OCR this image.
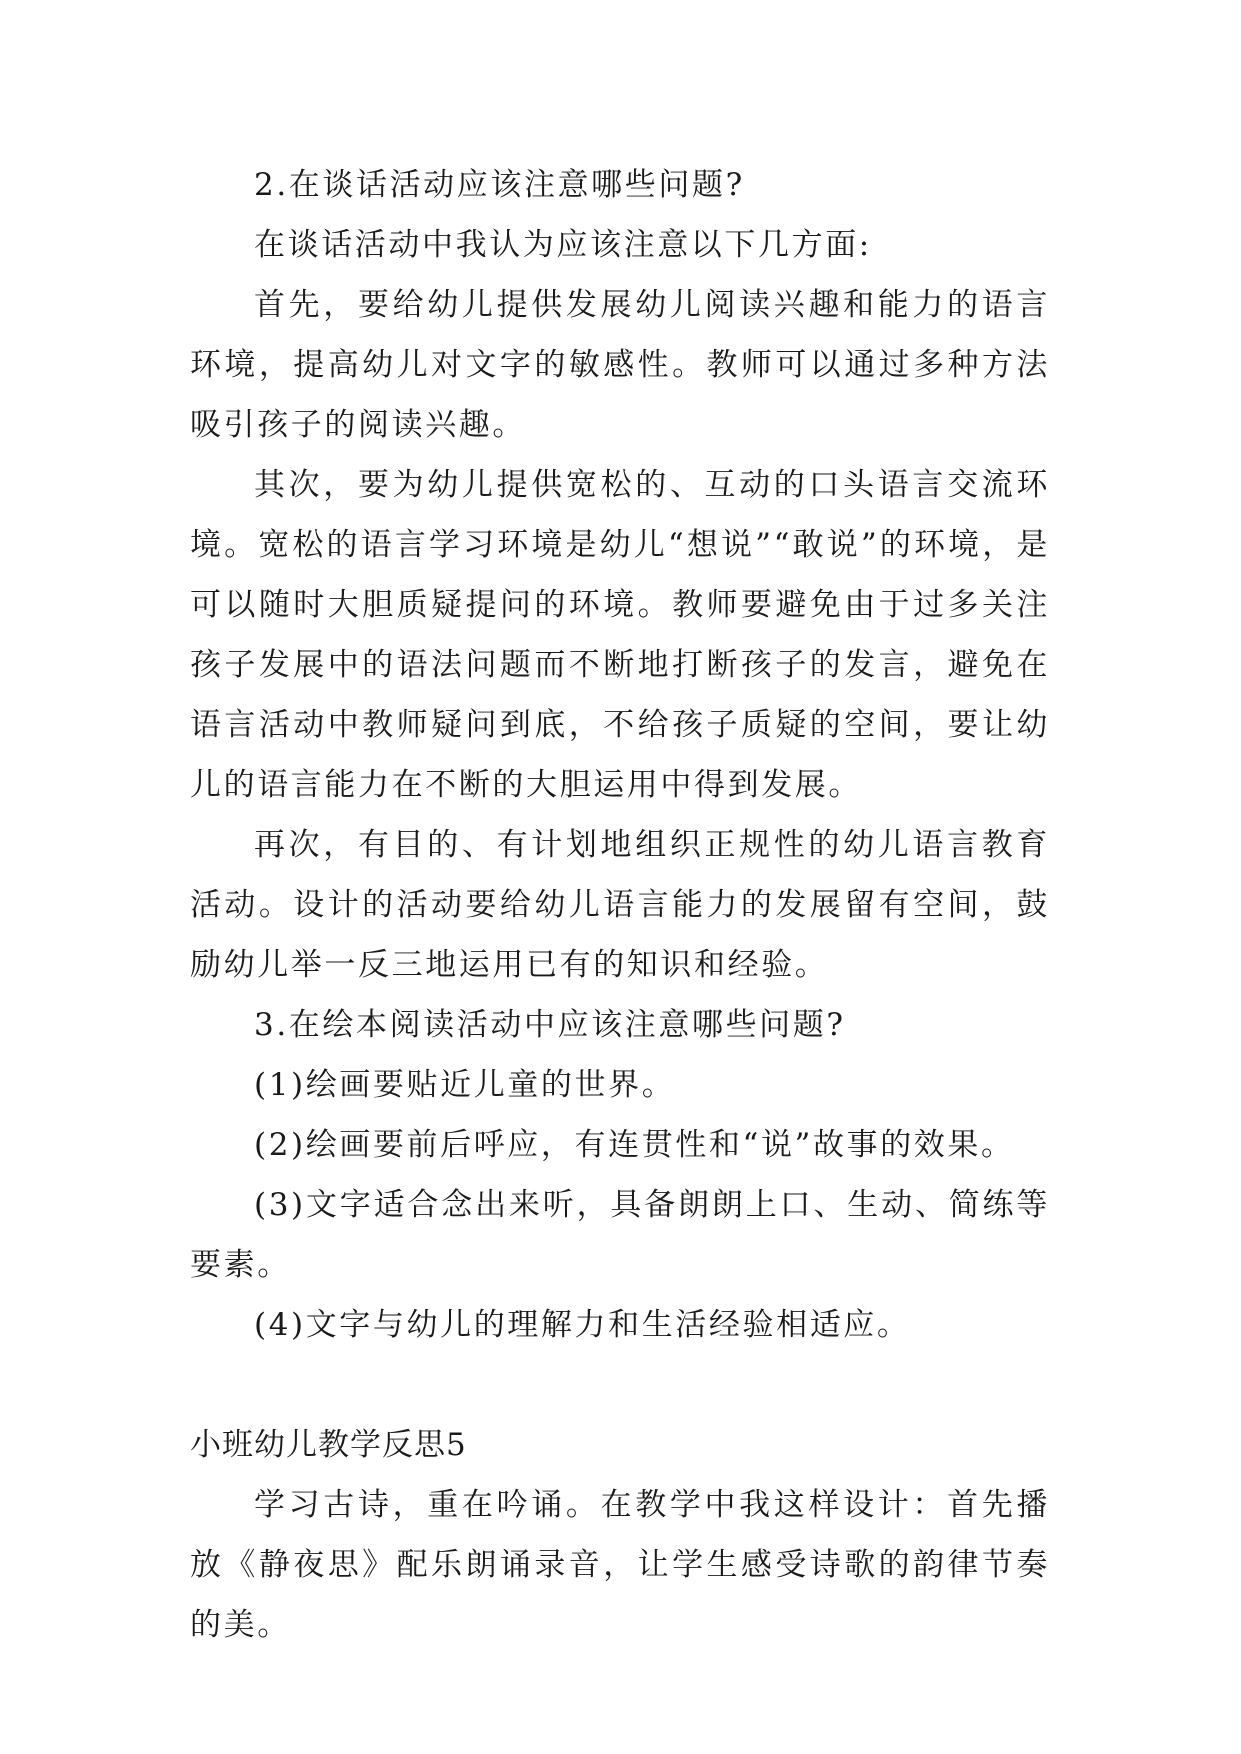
2.在谈话活动应该注意哪些问题?

在谈话活动中我认为应该注意以下几方面:

首先，要给幼儿提供发展幼儿阅读兴趣和能力的语言环境，提高幼儿对文字的敏感性。教师可以通过多种方法吸引孩子的阅读兴趣。

其次，要为幼儿提供宽松的、互动的口头语言交流环境。宽松的语言学习环境是幼儿“想说”“敢说”的环境，是可以随时大胆质疑提问的环境。教师要避免由于过多关注孩子发展中的语法问题而不断地打断孩子的发言，避免在语言活动中教师疑问到底，不给孩子质疑的空间，要让幼儿的语言能力在不断的大胆运用中得到发展。

再次，有目的、有计划地组织正规性的幼儿语言教育活动。设计的活动要给幼儿语言能力的发展留有空间，鼓励幼儿举一反三地运用已有的知识和经验。

3.在绘本阅读活动中应该注意哪些问题?

(1)绘画要贴近儿童的世界。

(2)绘画要前后呼应，有连贯性和“说”故事的效果。

(3)文字适合念出来听，具备朗朗上口、生动、简练等要素。

(4)文字与幼儿的理解力和生活经验相适应。

小班幼儿教学反思5

学习古诗，重在吟诵。在教学中我这样设计：首先播放《静夜思》配乐朗诵录音，让学生感受诗歌的韵律节奏的美。
